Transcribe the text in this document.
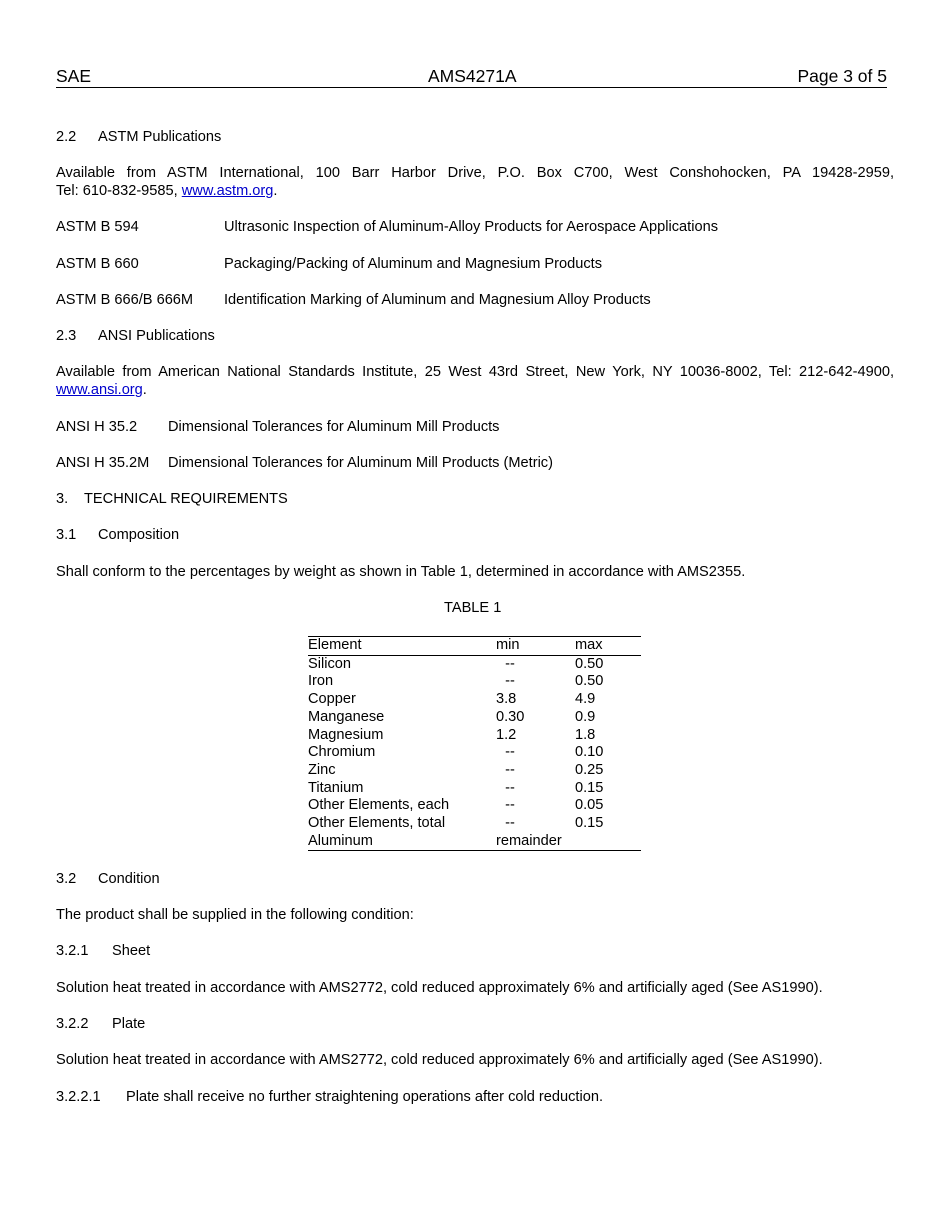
SAE	AMS4271A	Page 3 of 5
2.2 ASTM Publications
Available from ASTM International, 100 Barr Harbor Drive, P.O. Box C700, West Conshohocken, PA 19428-2959,
Tel: 610-832-9585, www.astm.org.
ASTM B 594	Ultrasonic Inspection of Aluminum-Alloy Products for Aerospace Applications
ASTM B 660	Packaging/Packing of Aluminum and Magnesium Products
ASTM B 666/B 666M Identification Marking of Aluminum and Magnesium Alloy Products
2.3 ANSI Publications
Available from American National Standards Institute, 25 West 43rd Street, New York, NY 10036-8002, Tel: 212-642-4900,
www.ansi.org.
ANSI H 35.2 Dimensional Tolerances for Aluminum Mill Products
ANSI H 35.2M Dimensional Tolerances for Aluminum Mill Products (Metric)
3. TECHNICAL REQUIREMENTS
3.1 Composition
Shall conform to the percentages by weight as shown in Table 1, determined in accordance with AMS2355.
TABLE 1
Element	min	max
Silicon	--	0.50
Iron	--	0.50
Copper	3.8	4.9
Manganese	0.30	0.9
Magnesium	1.2	1.8
Chromium	--	0.10
Zinc	--	0.25
Titanium	--	0.15
Other Elements, each	--	0.05
Other Elements, total	--	0.15
Aluminum	remainder	
3.2 Condition
The product shall be supplied in the following condition:
3.2.1 Sheet
Solution heat treated in accordance with AMS2772, cold reduced approximately 6% and artificially aged (See AS1990).
3.2.2 Plate
Solution heat treated in accordance with AMS2772, cold reduced approximately 6% and artificially aged (See AS1990).
3.2.2.1 Plate shall receive no further straightening operations after cold reduction.
